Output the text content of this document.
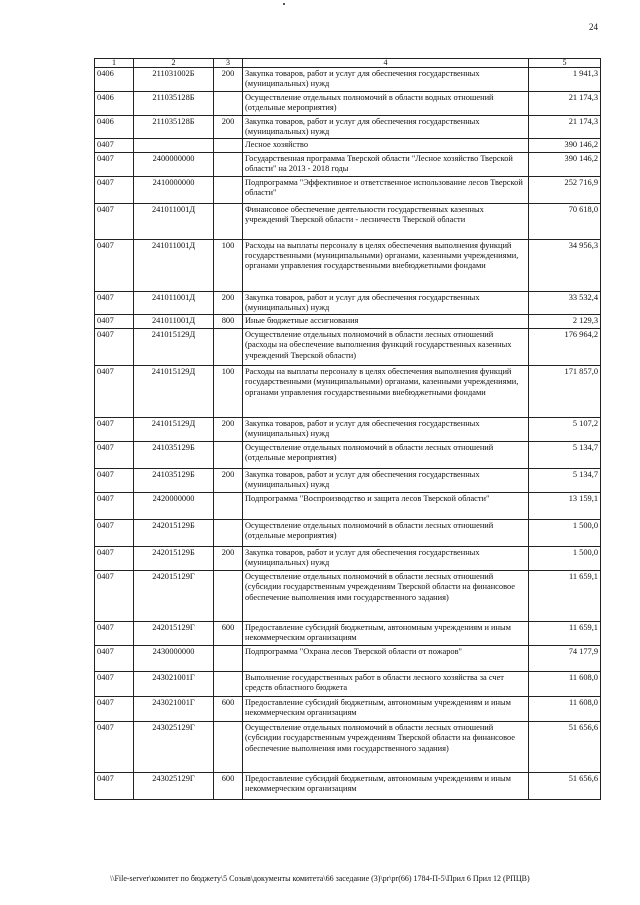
24
1	2	3	4	5
0406	211031002Б	200	Закупка товаров, работ и услуг для обеспечения государственных (муниципальных) нужд	1 941,3
0406	211035128Б		Осуществление отдельных полномочий в области водных отношений (отдельные мероприятия)	21 174,3
0406	211035128Б	200	Закупка товаров, работ и услуг для обеспечения государственных (муниципальных) нужд	21 174,3
0407			Лесное хозяйство	390 146,2
0407	2400000000		Государственная программа Тверской области "Лесное хозяйство Тверской области" на 2013 - 2018 годы	390 146,2
0407	2410000000		Подпрограмма "Эффективное и ответственное использование лесов Тверской области"	252 716,9
0407	241011001Д		Финансовое обеспечение деятельности государственных казенных учреждений Тверской области - лесничеств Тверской области	70 618,0
0407	241011001Д	100	Расходы на выплаты персоналу в целях обеспечения выполнения функций государственными (муниципальными) органами, казенными учреждениями, органами управления государственными внебюджетными фондами	34 956,3
0407	241011001Д	200	Закупка товаров, работ и услуг для обеспечения государственных (муниципальных) нужд	33 532,4
0407	241011001Д	800	Иные бюджетные ассигнования	2 129,3
0407	241015129Д		Осуществление отдельных полномочий в области лесных отношений (расходы на обеспечение выполнения функций государственных казенных учреждений Тверской области)	176 964,2
0407	241015129Д	100	Расходы на выплаты персоналу в целях обеспечения выполнения функций государственными (муниципальными) органами, казенными учреждениями, органами управления государственными внебюджетными фондами	171 857,0
0407	241015129Д	200	Закупка товаров, работ и услуг для обеспечения государственных (муниципальных) нужд	5 107,2
0407	241035129Б		Осуществление отдельных полномочий в области лесных отношений (отдельные мероприятия)	5 134,7
0407	241035129Б	200	Закупка товаров, работ и услуг для обеспечения государственных (муниципальных) нужд	5 134,7
0407	2420000000		Подпрограмма "Воспроизводство и защита лесов Тверской области"	13 159,1
0407	242015129Б		Осуществление отдельных полномочий в области лесных отношений (отдельные мероприятия)	1 500,0
0407	242015129Б	200	Закупка товаров, работ и услуг для обеспечения государственных (муниципальных) нужд	1 500,0
0407	242015129Г		Осуществление отдельных полномочий в области лесных отношений (субсидии государственным учреждениям Тверской области на финансовое обеспечение выполнения ими государственного задания)	11 659,1
0407	242015129Г	600	Предоставление субсидий бюджетным, автономным учреждениям и иным некоммерческим организациям	11 659,1
0407	2430000000		Подпрограмма "Охрана лесов Тверской области от пожаров"	74 177,9
0407	243021001Г		Выполнение государственных работ в области лесного хозяйства за счет средств областного бюджета	11 608,0
0407	243021001Г	600	Предоставление субсидий бюджетным, автономным учреждениям и иным некоммерческим организациям	11 608,0
0407	243025129Г		Осуществление отдельных полномочий в области лесных отношений (субсидии государственным учреждениям Тверской области на финансовое обеспечение выполнения ими государственного задания)	51 656,6
0407	243025129Г	600	Предоставление субсидий бюджетным, автономным учреждениям и иным некоммерческим организациям	51 656,6
\\File-server\комитет по бюджету\5 Созыв\документы комитета\66 заседание (3)\pr\pr(66) 1784-П-5\Прил 6 Прил 12 (РПЦВ)
